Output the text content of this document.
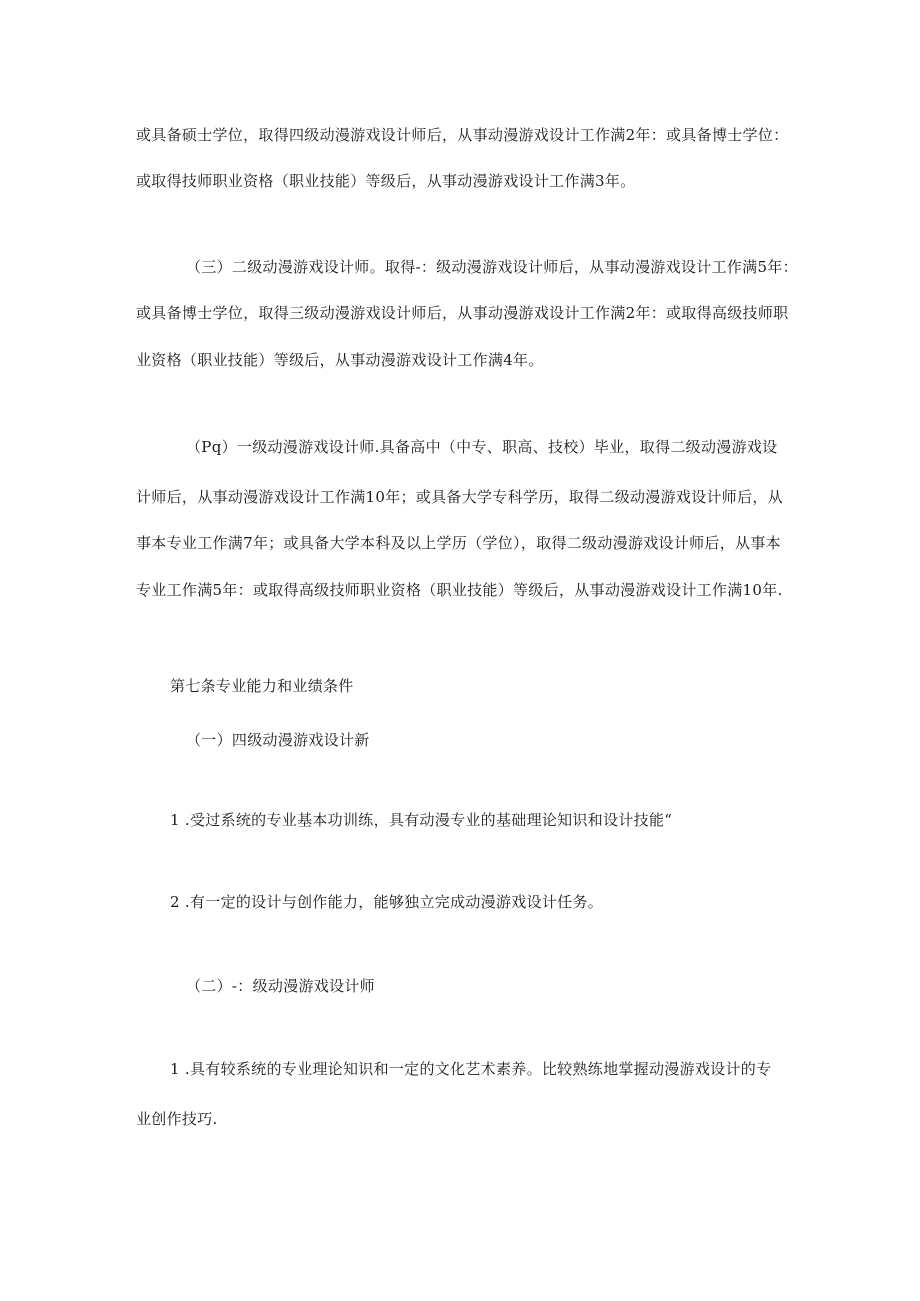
或具备硕士学位，取得四级动漫游戏设计师后，从事动漫游戏设计工作满2年：或具备博士学位：
或取得技师职业资格（职业技能）等级后，从事动漫游戏设计工作满3年。
（三）二级动漫游戏设计师。取得-：级动漫游戏设计师后，从事动漫游戏设计工作满5年：
或具备博士学位，取得三级动漫游戏设计师后，从事动漫游戏设计工作满2年：或取得高级技师职
业资格（职业技能）等级后，从事动漫游戏设计工作满4年。
（Pq）一级动漫游戏设计师.具备高中（中专、职高、技校）毕业，取得二级动漫游戏设
计师后，从事动漫游戏设计工作满10年；或具备大学专科学历，取得二级动漫游戏设计师后，从
事本专业工作满7年；或具备大学本科及以上学历（学位），取得二级动漫游戏设计师后，从事本
专业工作满5年：或取得高级技师职业资格（职业技能）等级后，从事动漫游戏设计工作满10年.
第七条专业能力和业绩条件
（一）四级动漫游戏设计新
1 .受过系统的专业基本功训练，具有动漫专业的基础理论知识和设计技能“
2 .有一定的设计与创作能力，能够独立完成动漫游戏设计任务。
（二）-：级动漫游戏设计师
1 .具有较系统的专业理论知识和一定的文化艺术素养。比较熟练地掌握动漫游戏设计的专
业创作技巧.
